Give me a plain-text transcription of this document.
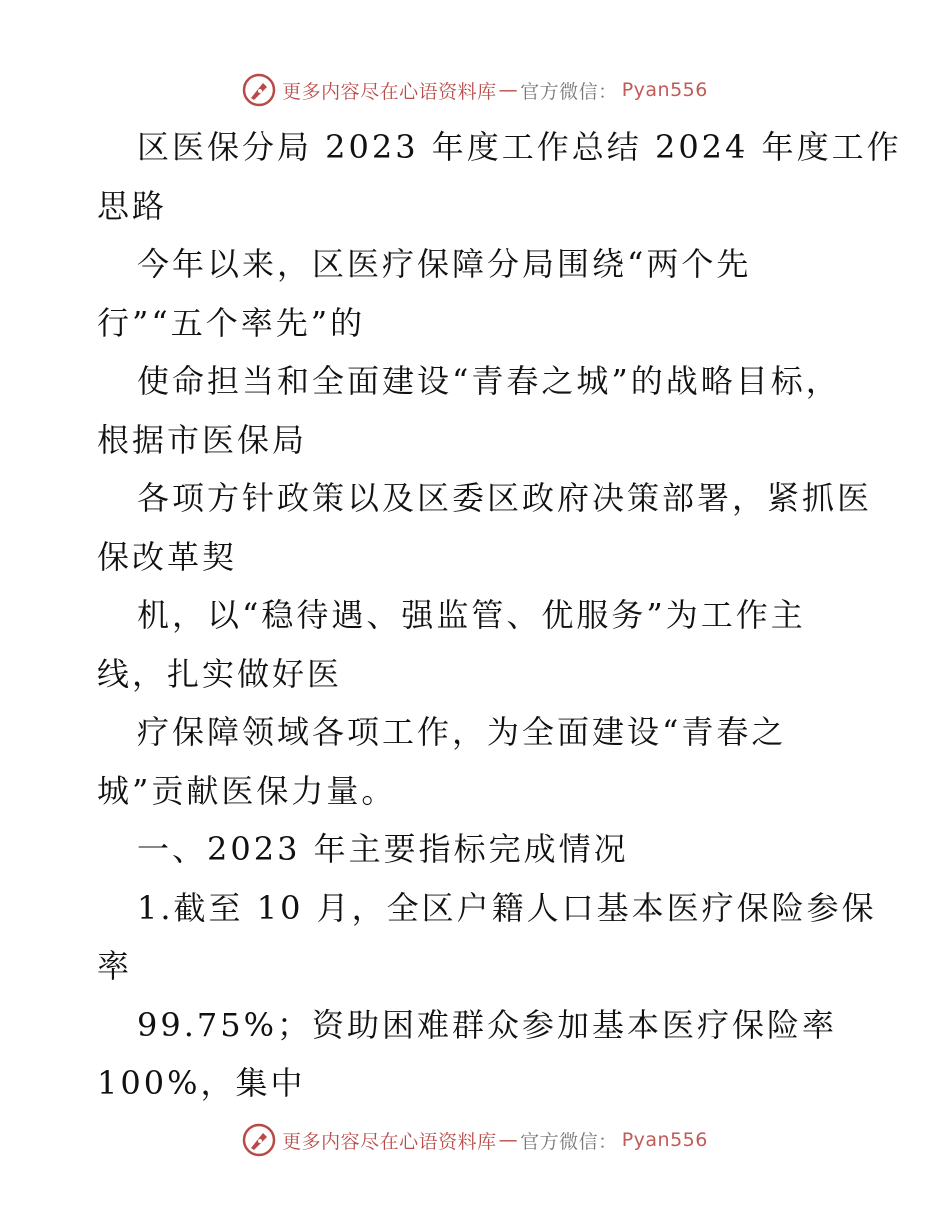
更多内容尽在心语资料库 — 官方微信： Pyan556
区医保分局 2023 年度工作总结 2024 年度工作
思路
今年以来，区医疗保障分局围绕“两个先
行”“五个率先”的
使命担当和全面建设“青春之城”的战略目标，
根据市医保局
各项方针政策以及区委区政府决策部署，紧抓医
保改革契
机，以“稳待遇、强监管、优服务”为工作主
线，扎实做好医
疗保障领域各项工作，为全面建设“青春之
城”贡献医保力量。
一、2023 年主要指标完成情况
1.截至 10 月，全区户籍人口基本医疗保险参保
率
99.75%；资助困难群众参加基本医疗保险率
100%，集中
更多内容尽在心语资料库 — 官方微信： Pyan556
